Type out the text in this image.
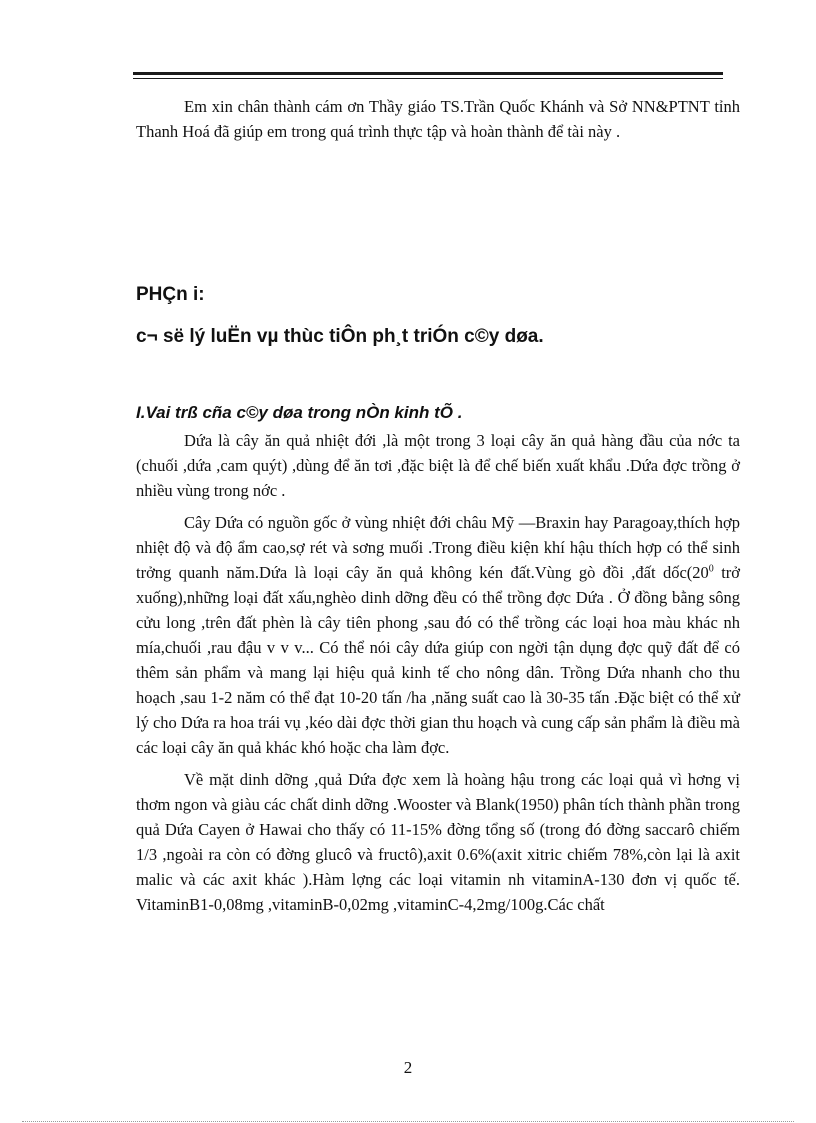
Em xin chân thành cám ơn Thầy giáo TS.Trần Quốc Khánh và Sở NN&PTNT tỉnh Thanh Hoá đã giúp em trong quá trình thực tập và hoàn thành để tài này .

PHÇn i:
c¬ së lý luËn vµ thùc tiÔn ph¸t triÓn c©y døa.
I.Vai trß cña c©y døa trong nÒn kinh tÕ .

Dứa là cây ăn quả nhiệt đới ,là một trong 3 loại cây ăn quả hàng đầu của nớc ta (chuối ,dứa ,cam quýt) ,dùng để ăn tơi ,đặc biệt là để chế biến xuất khẩu .Dứa đợc trồng ở nhiều vùng trong nớc .

Cây Dứa có nguồn gốc ở vùng nhiệt đới châu Mỹ —Braxin hay Paragoay,thích hợp nhiệt độ và độ ẩm cao,sợ rét và sơng muối .Trong điều kiện khí hậu thích hợp có thể sinh trởng quanh năm.Dứa là loại cây ăn quả không kén đất.Vùng gò đồi ,đất $dốc(20^0$ trở xuống),những loại đất xấu,nghèo dinh dỡng đều có thể trồng đợc Dứa . Ở đồng bằng sông cửu long ,trên đất phèn là cây tiên phong ,sau đó có thể trồng các loại hoa màu khác nh mía,chuối ,rau đậu v v v... Có thể nói cây dứa giúp con ngời tận dụng đợc quỹ đất để có thêm sản phẩm và mang lại hiệu quả kinh tế cho nông dân. Trồng Dứa nhanh cho thu hoạch ,sau 1-2 năm có thể đạt 10-20 tấn /ha ,năng suất cao là 30-35 tấn .Đặc biệt có thể xử lý cho Dứa ra hoa trái vụ ,kéo dài đợc thời gian thu hoạch và cung cấp sản phẩm là điều mà các loại cây ăn quả khác khó hoặc cha làm đợc.

Về mặt dinh dỡng ,quả Dứa đợc xem là hoàng hậu trong các loại quả vì hơng vị thơm ngon và giàu các chất dinh dỡng .Wooster và Blank(1950) phân tích thành phần trong quả Dứa Cayen ở Hawai cho thấy có 11-15% đờng tổng số (trong đó đờng saccarô chiếm 1/3 ,ngoài ra còn có đờng glucô và fructô),axit 0.6%(axit xitric chiếm 78%,còn lại là axit malic và các axit khác ).Hàm lợng các loại vitamin nh vitaminA-130 đơn vị quốc tế. VitaminB1-0,08mg ,vitaminB-0,02mg ,vitaminC-4,2mg/100g.Các chất

2
